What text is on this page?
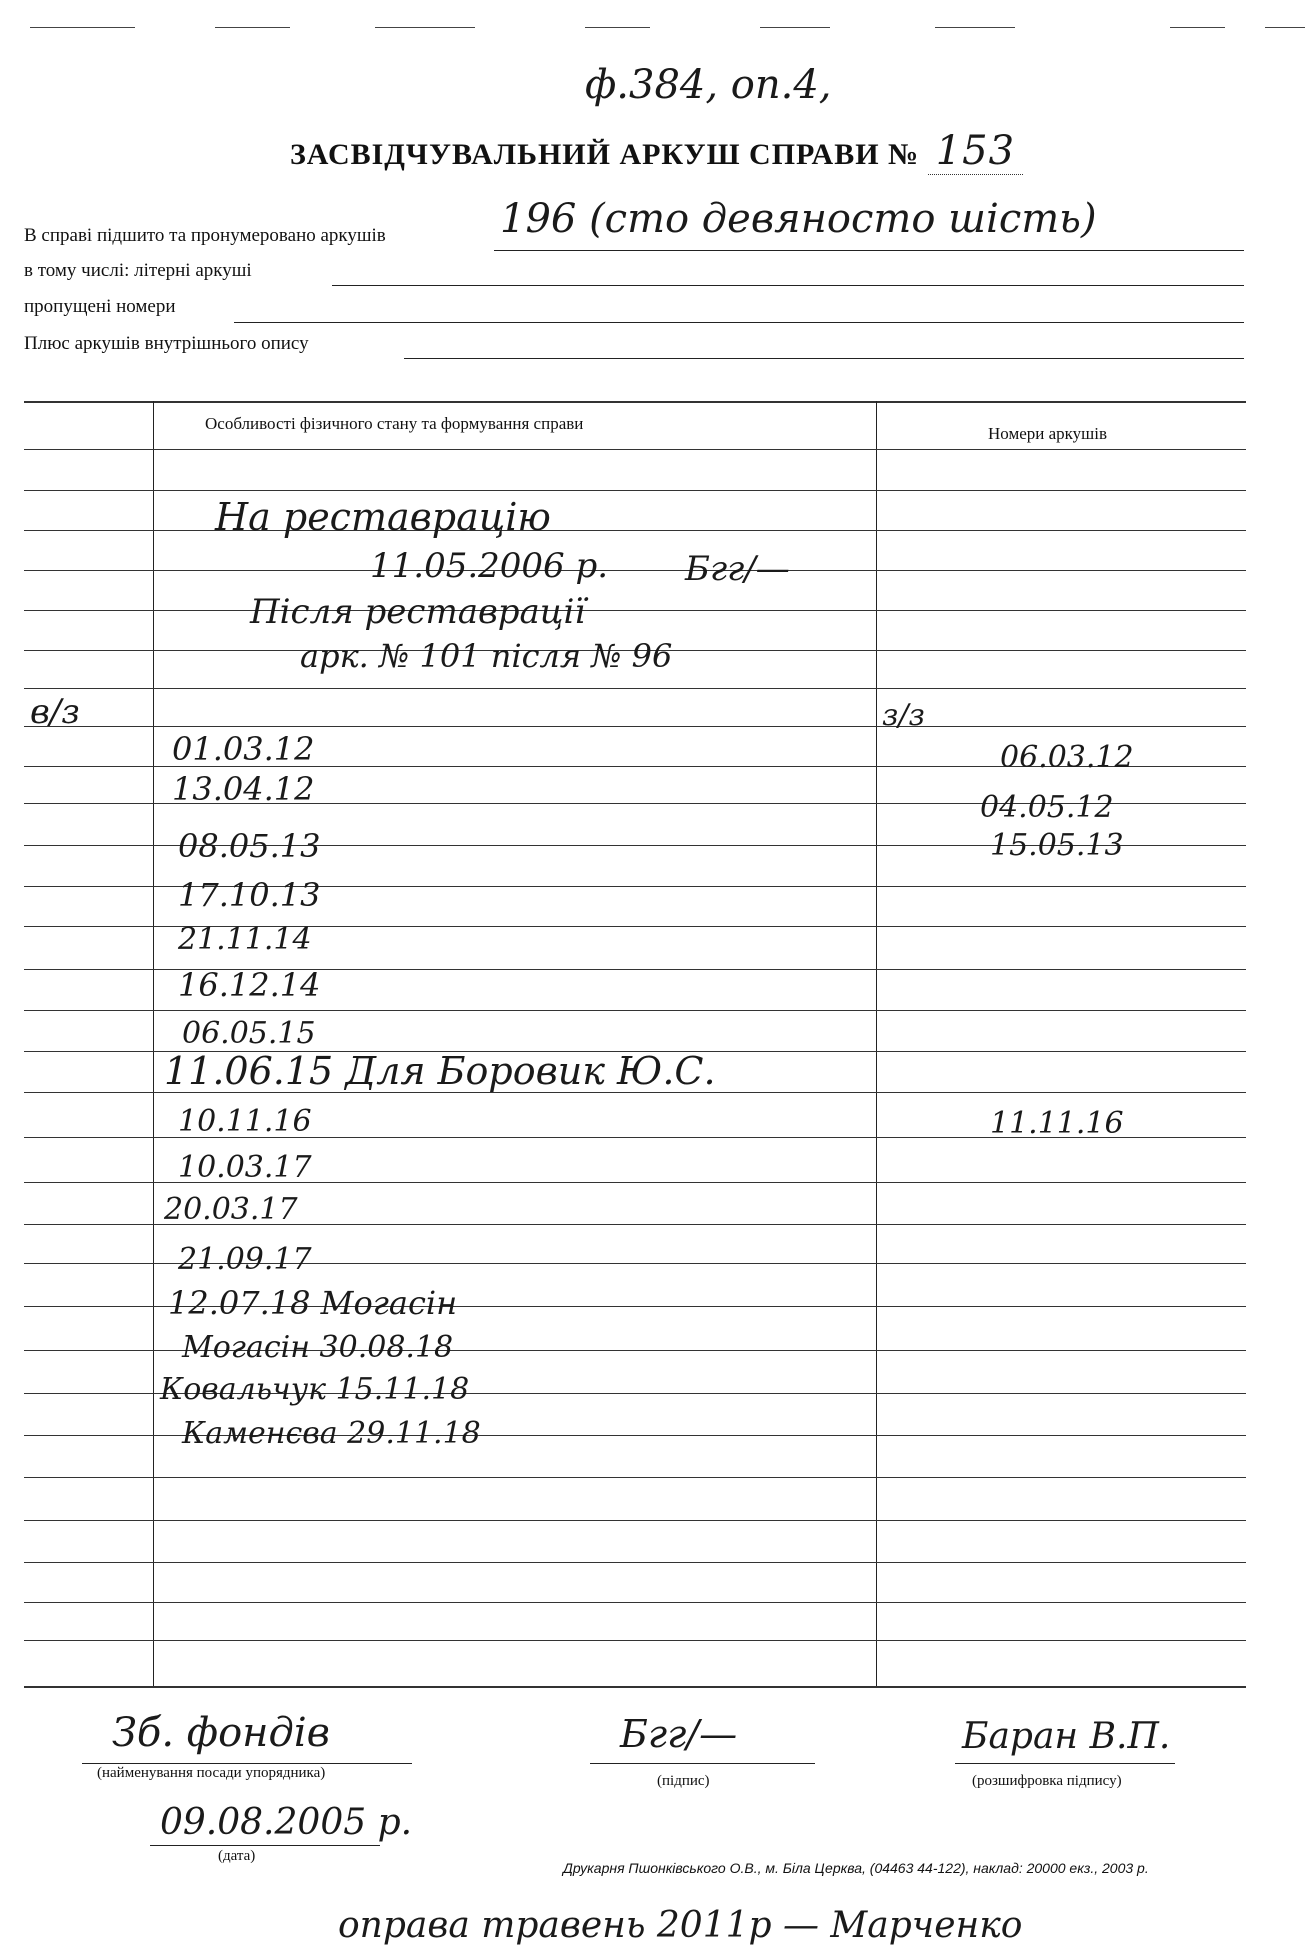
ф.384, оп.4,
ЗАСВІДЧУВАЛЬНИЙ АРКУШ СПРАВИ № 153
В справі підшито та пронумеровано аркушів	196 (сто девяносто шість)
в тому числі: літерні аркуші
пропущені номери
Плюс аркушів внутрішнього опису
Особливості фізичного стану та формування справи
Номери аркушів
На реставрацію
11.05.2006 р. Бгг/—
Після реставрації
арк. № 101 після № 96
в/з	з/з
01.03.12
13.04.12
08.05.13
17.10.13
21.11.14
16.12.14
06.05.15
11.06.15 Для Боровик Ю.С.
10.11.16
10.03.17
20.03.17
21.09.17
12.07.18 Могасін
Могасін 30.08.18
Ковальчук 15.11.18
Каменєва 29.11.18
06.03.12
04.05.12
15.05.13
11.11.16
Зб. фондів
(найменування посади упорядника)
Бгг/—
(підпис)
Баран В.П.
(розшифровка підпису)
09.08.2005 р.
(дата)
Друкарня Пшонківського О.В., м. Біла Церква, (04463 44-122), наклад: 20000 екз., 2003 р.
оправа травень 2011р — Марченко
